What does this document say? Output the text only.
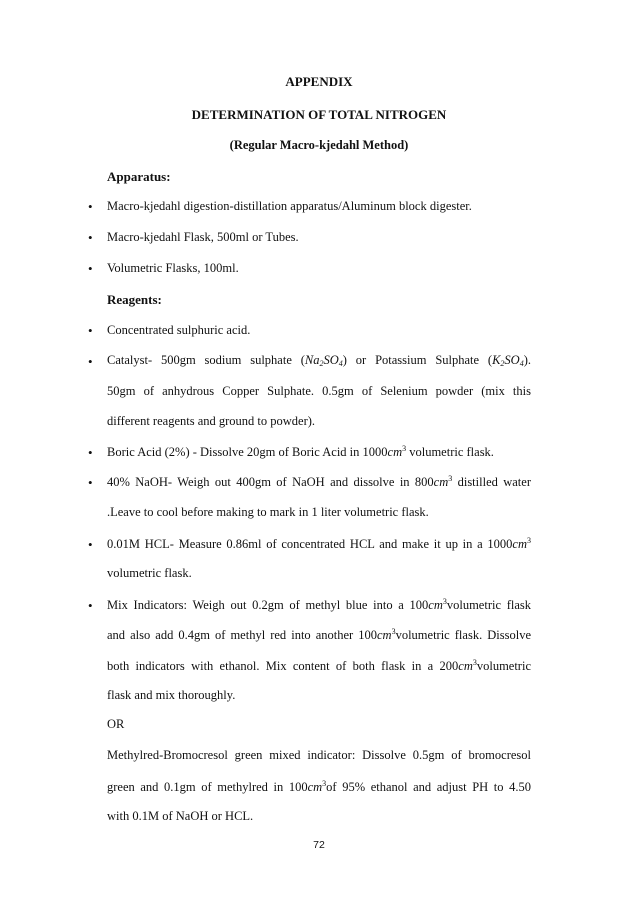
APPENDIX
DETERMINATION OF TOTAL NITROGEN
(Regular Macro-kjedahl Method)
Apparatus:
• Macro-kjedahl digestion-distillation apparatus/Aluminum block digester.
• Macro-kjedahl Flask, 500ml or Tubes.
• Volumetric Flasks, 100ml.
Reagents:
• Concentrated sulphuric acid.
• Catalyst- 500gm sodium sulphate $(Na_2SO_4)$ or Potassium Sulphate $(K_2SO_4)$.
50gm of anhydrous Copper Sulphate. 0.5gm of Selenium powder (mix this
different reagents and ground to powder).
• Boric Acid (2%) - Dissolve 20gm of Boric Acid in $1000cm^3$ volumetric flask.
• 40% NaOH- Weigh out 400gm of NaOH and dissolve in $800cm^3$ distilled water
.Leave to cool before making to mark in 1 liter volumetric flask.
• 0.01M HCL- Measure 0.86ml of concentrated HCL and make it up in a $1000cm^3$
volumetric flask.
• Mix Indicators: Weigh out 0.2gm of methyl blue into a $100cm^3volumetric$ flask
and also add 0.4gm of methyl red into another $100cm^3volumetric$ flask. Dissolve
both indicators with ethanol. Mix content of both flask in a $200cm^3volumetric$
flask and mix thoroughly.
OR
Methylred-Bromocresol green mixed indicator: Dissolve 0.5gm of bromocresol
green and 0.1gm of methylred in $100cm^3of$ 95% ethanol and adjust PH to 4.50
with 0.1M of NaOH or HCL.
72
